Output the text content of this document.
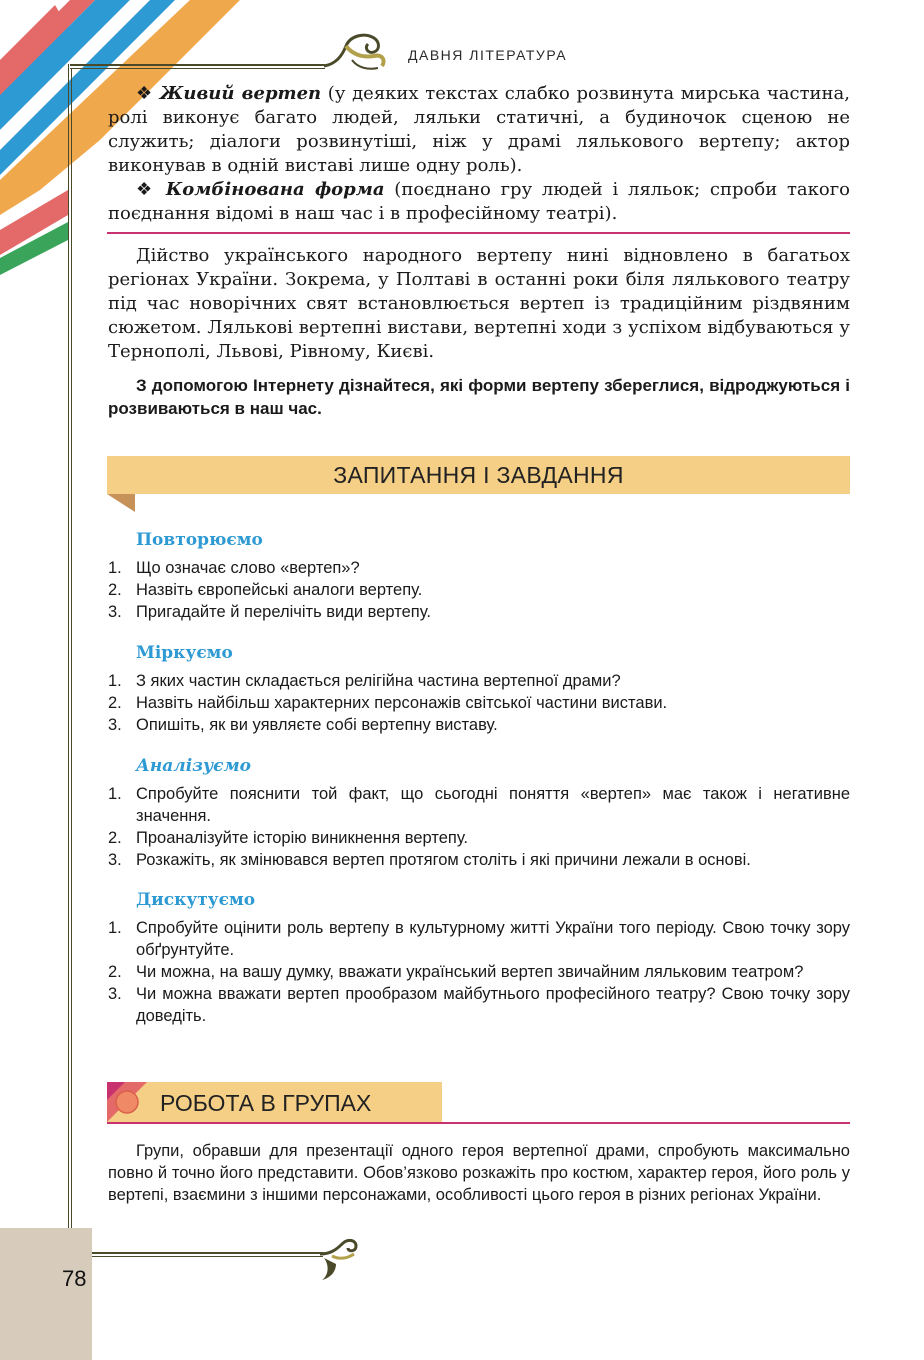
ДАВНЯ ЛІТЕРАТУРА

❖ Живий вертеп (у деяких текстах слабко розвинута мирська частина, ролі виконує багато людей, ляльки статичні, а будиночок сценою не служить; діалоги розвинутіші, ніж у драмі лялькового вертепу; актор виконував в одній виставі лише одну роль).

❖ Комбінована форма (поєднано гру людей і ляльок; спроби такого поєднання відомі в наш час і в професійному театрі).

Дійство українського народного вертепу нині відновлено в багатьох регіонах України. Зокрема, у Полтаві в останні роки біля лялькового театру під час новорічних свят встановлюється вертеп із традиційним різдвяним сюжетом. Лялькові вертепні вистави, вертепні ходи з успіхом відбуваються у Тернополі, Львові, Рівному, Києві.

З допомогою Інтернету дізнайтеся, які форми вертепу збереглися, відроджуються і розвиваються в наш час.
ЗАПИТАННЯ І ЗАВДАННЯ
Повторюємо
1. Що означає слово «вертеп»?
2. Назвіть європейські аналоги вертепу.
3. Пригадайте й перелічіть види вертепу.
Міркуємо
1. З яких частин складається релігійна частина вертепної драми?
2. Назвіть найбільш характерних персонажів світської частини вистави.
3. Опишіть, як ви уявляєте собі вертепну виставу.
Аналізуємо
1. Спробуйте пояснити той факт, що сьогодні поняття «вертеп» має також і негативне значення.
2. Проаналізуйте історію виникнення вертепу.
3. Розкажіть, як змінювався вертеп протягом століть і які причини лежали в основі.
Дискутуємо
1. Спробуйте оцінити роль вертепу в культурному житті України того періоду. Свою точку зору обґрунтуйте.
2. Чи можна, на вашу думку, вважати український вертеп звичайним ляльковим театром?
3. Чи можна вважати вертеп прообразом майбутнього професійного театру? Свою точку зору доведіть.
РОБОТА В ГРУПАХ
Групи, обравши для презентації одного героя вертепної драми, спробують максимально повно й точно його представити. Обов’язково розкажіть про костюм, характер героя, його роль у вертепі, взаємини з іншими персонажами, особливості цього героя в різних регіонах України.
78
